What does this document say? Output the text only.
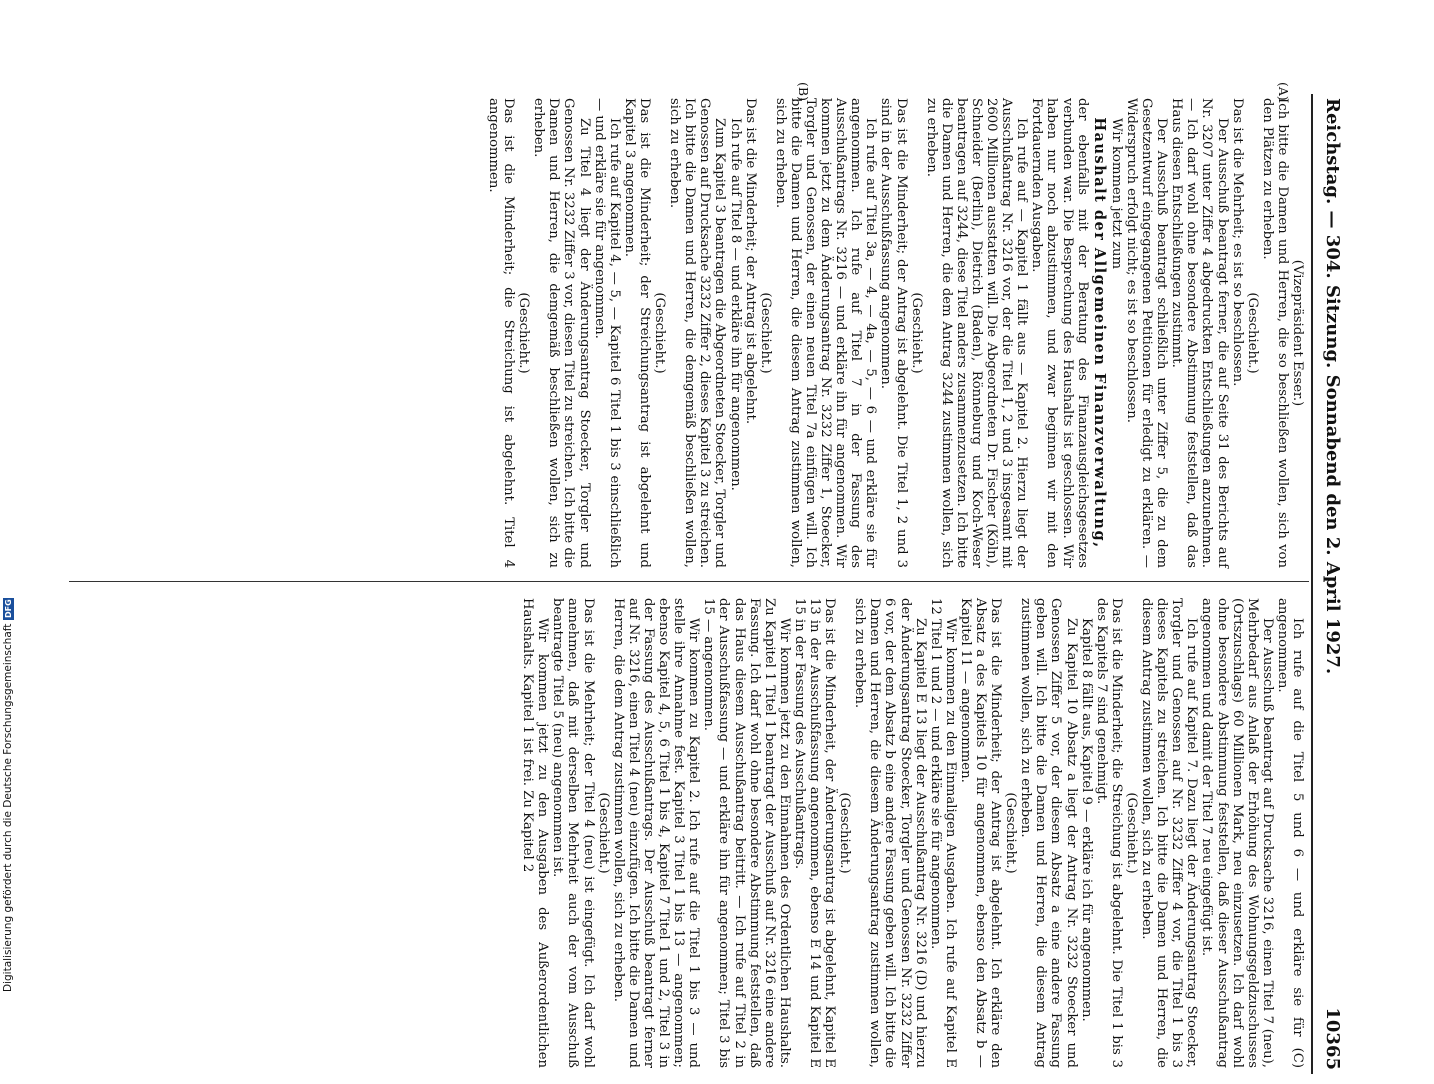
Reichstag. — 304. Sitzung. Sonnabend den 2. April 1927.
10365
(A)
(B)

(Vizepräsident Esser.)

Ich bitte die Damen und Herren, die so beschließen wollen, sich von den Plätzen zu erheben.

(Geschieht.)

Das ist die Mehrheit; es ist so beschlossen.

Der Ausschuß beantragt ferner, die auf Seite 31 des Berichts auf Nr. 3207 unter Ziffer 4 abgedruckten Entschließungen anzunehmen. — Ich darf wohl ohne besondere Abstimmung feststellen, daß das Haus diesen Entschließungen zustimmt.

Der Ausschuß beantragt schließlich unter Ziffer 5, die zu dem Gesetzentwurf eingegangenen Petitionen für erledigt zu erklären. — Widerspruch erfolgt nicht; es ist so beschlossen.

Wir kommen jetzt zum

Haushalt der Allgemeinen Finanzverwaltung,

der ebenfalls mit der Beratung des Finanzausgleichsgesetzes verbunden war. Die Besprechung des Haushalts ist geschlossen. Wir haben nur noch abzustimmen, und zwar beginnen wir mit den Fortdauernden Ausgaben.

Ich rufe auf — Kapitel 1 fällt aus — Kapitel 2. Hierzu liegt der Ausschußantrag Nr. 3216 vor, der die Titel 1, 2 und 3 insgesamt mit 2600 Millionen ausstatten will. Die Abgeordneten Dr. Fischer (Köln), Schneider (Berlin), Dietrich (Baden), Rönneburg und Koch-Weser beantragen auf 3244, diese Titel anders zusammenzusetzen. Ich bitte die Damen und Herren, die dem Antrag 3244 zustimmen wollen, sich zu erheben.

(Geschieht.)

Das ist die Minderheit; der Antrag ist abgelehnt. Die Titel 1, 2 und 3 sind in der Ausschußfassung angenommen.

Ich rufe auf Titel 3a, — 4, — 4a, — 5, — 6 — und erkläre sie für angenommen. Ich rufe auf Titel 7 in der Fassung des Ausschußantrags Nr. 3216 — und erkläre ihn für angenommen. Wir kommen jetzt zu dem Änderungsantrag Nr. 3232 Ziffer 1, Stoecker, Torgler und Genossen, der einen neuen Titel 7a einfügen will. Ich bitte die Damen und Herren, die diesem Antrag zustimmen wollen, sich zu erheben.

(Geschieht.)

Das ist die Minderheit; der Antrag ist abgelehnt.

Ich rufe auf Titel 8 — und erkläre ihn für angenommen.

Zum Kapitel 3 beantragen die Abgeordneten Stoecker, Torgler und Genossen auf Drucksache 3232 Ziffer 2, dieses Kapitel 3 zu streichen. Ich bitte die Damen und Herren, die demgemäß beschließen wollen, sich zu erheben.

(Geschieht.)

Das ist die Minderheit; der Streichungsantrag ist abgelehnt und Kapitel 3 angenommen.

Ich rufe auf Kapitel 4, — 5, — Kapitel 6 Titel 1 bis 3 einschließlich — und erkläre sie für angenommen.

Zu Titel 4 liegt der Änderungsantrag Stoecker, Torgler und Genossen Nr. 3232 Ziffer 3 vor, diesen Titel zu streichen. Ich bitte die Damen und Herren, die demgemäß beschließen wollen, sich zu erheben.

(Geschieht.)

Das ist die Minderheit; die Streichung ist abgelehnt. Titel 4 angenommen.

Ich rufe auf die Titel 5 und 6 — und erkläre sie für (C) angenommen.

Der Ausschuß beantragt auf Drucksache 3216, einen Titel 7 (neu), Mehrbedarf aus Anlaß der Erhöhung des Wohnungsgeldzuschusses (Ortszuschlags) 60 Millionen Mark, neu einzusetzen. Ich darf wohl ohne besondere Abstimmung feststellen, daß dieser Ausschußantrag angenommen und damit der Titel 7 neu eingefügt ist.

Ich rufe auf Kapitel 7. Dazu liegt der Änderungsantrag Stoecker, Torgler und Genossen auf Nr. 3232 Ziffer 4 vor, die Titel 1 bis 3 dieses Kapitels zu streichen. Ich bitte die Damen und Herren, die diesem Antrag zustimmen wollen, sich zu erheben.

(Geschieht.)

Das ist die Minderheit; die Streichung ist abgelehnt. Die Titel 1 bis 3 des Kapitels 7 sind genehmigt.

Kapitel 8 fällt aus, Kapitel 9 — erkläre ich für angenommen.

Zu Kapitel 10 Absatz a liegt der Antrag Nr. 3232 Stoecker und Genossen Ziffer 5 vor, der diesem Absatz a eine andere Fassung geben will. Ich bitte die Damen und Herren, die diesem Antrag zustimmen wollen, sich zu erheben.

(Geschieht.)

Das ist die Minderheit; der Antrag ist abgelehnt. Ich erkläre den Absatz a des Kapitels 10 für angenommen, ebenso den Absatz b — Kapitel 11 — angenommen.

Wir kommen zu den Einmaligen Ausgaben. Ich rufe auf Kapitel E 12 Titel 1 und 2 — und erkläre sie für angenommen.

Zu Kapitel E 13 liegt der Ausschußantrag Nr. 3216 (D) und hierzu der Änderungsantrag Stoecker, Torgler und Genossen Nr. 3232 Ziffer 6 vor, der dem Absatz b eine andere Fassung geben will. Ich bitte die Damen und Herren, die diesem Änderungsantrag zustimmen wollen, sich zu erheben.

(Geschieht.)

Das ist die Minderheit, der Änderungsantrag ist abgelehnt, Kapitel E 13 in der Ausschußfassung angenommen, ebenso E 14 und Kapitel E 15 in der Fassung des Ausschußantrags.

Wir kommen jetzt zu den Einnahmen des Ordentlichen Haushalts. Zu Kapitel 1 Titel 1 beantragt der Ausschuß auf Nr. 3216 eine andere Fassung. Ich darf wohl ohne besondere Abstimmung feststellen, daß das Haus diesem Ausschußantrag beitritt. — Ich rufe auf Titel 2 in der Ausschußfassung — und erkläre ihn für angenommen; Titel 3 bis 15 — angenommen.

Wir kommen zu Kapitel 2. Ich rufe auf die Titel 1 bis 3 — und stelle ihre Annahme fest. Kapitel 3 Titel 1 bis 13 — angenommen; ebenso Kapitel 4, 5, 6 Titel 1 bis 4, Kapitel 7 Titel 1 und 2, Titel 3 in der Fassung des Ausschußantrags. Der Ausschuß beantragt ferner auf Nr. 3216, einen Titel 4 (neu) einzufügen. Ich bitte die Damen und Herren, die dem Antrag zustimmen wollen, sich zu erheben.

(Geschieht.)

Das ist die Mehrheit; der Titel 4 (neu) ist eingefügt. Ich darf wohl annehmen, daß mit derselben Mehrheit auch der vom Ausschuß beantragte Titel 5 (neu) angenommen ist.

Wir kommen jetzt zu den Ausgaben des Außerordentlichen Haushalts. Kapitel 1 ist frei. Zu Kapitel 2

Digitalisierung gefördert durch die Deutsche Forschungsgemeinschaft
DFG
